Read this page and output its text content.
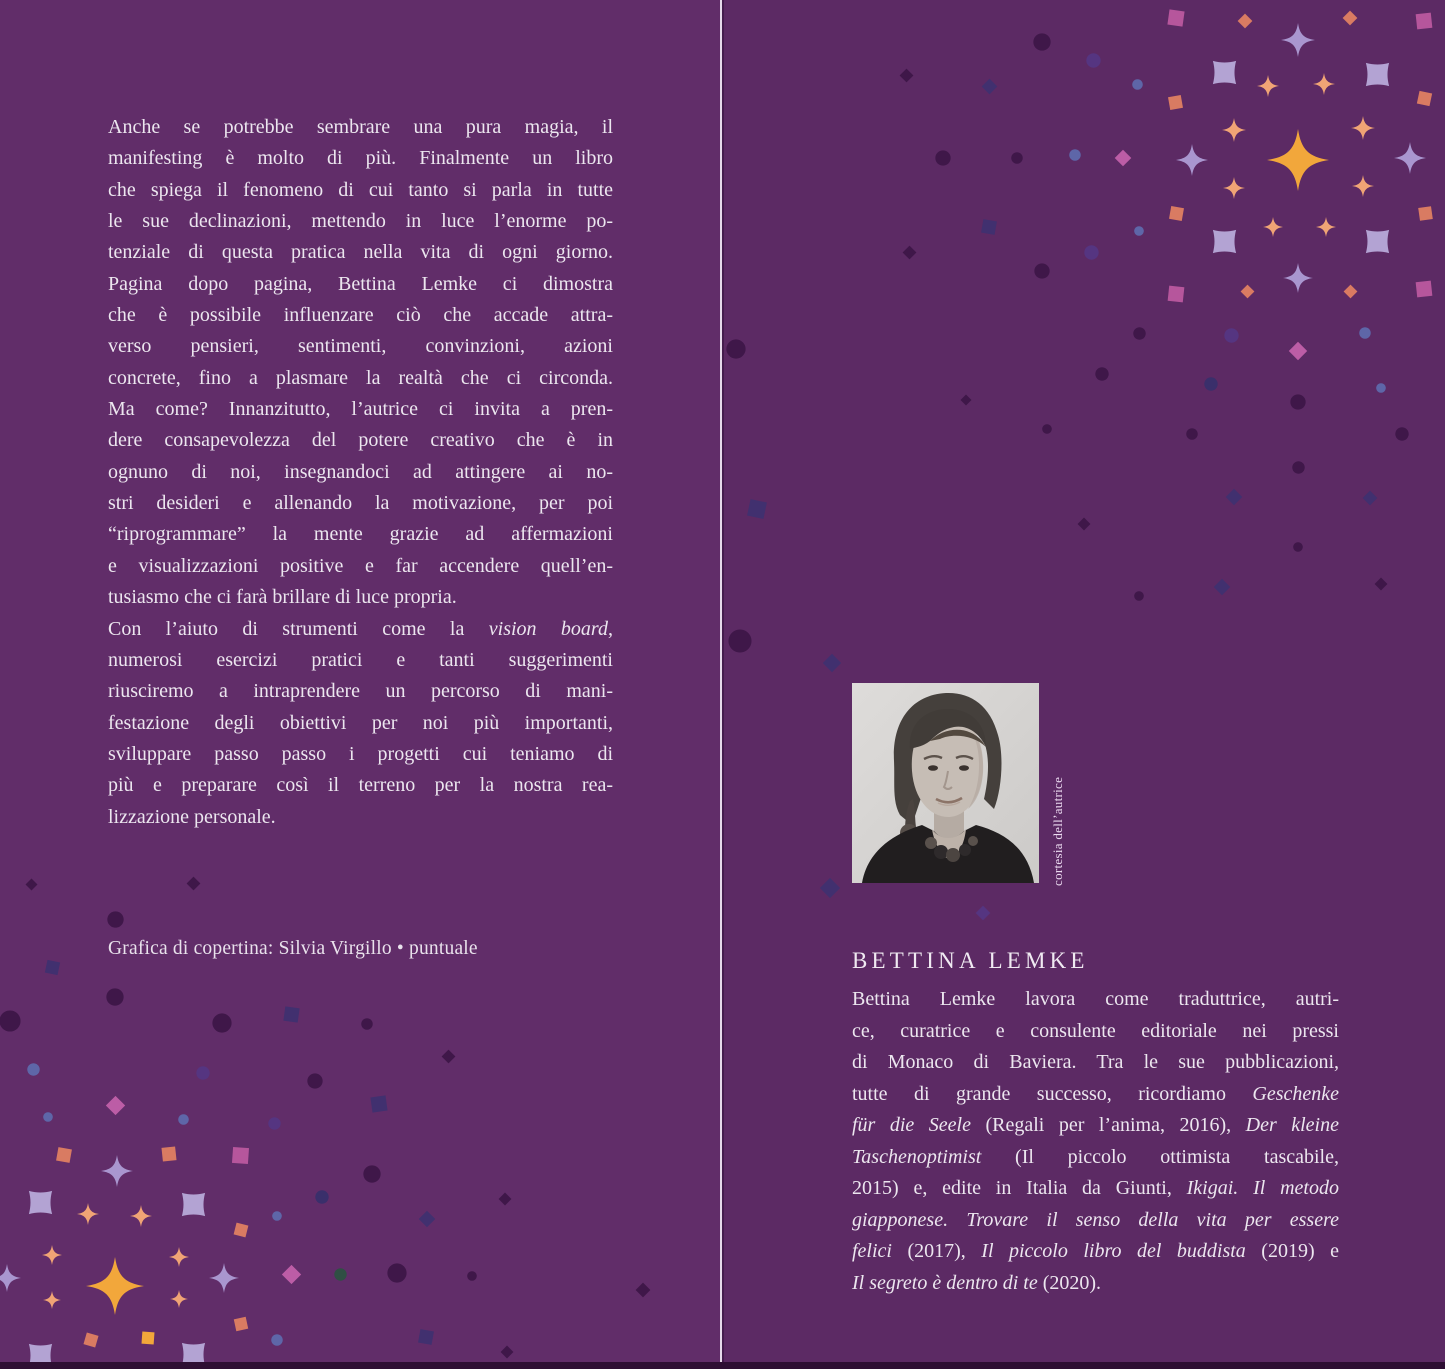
Anche se potrebbe sembrare una pura magia, il
manifesting è molto di più. Finalmente un libro
che spiega il fenomeno di cui tanto si parla in tutte
le sue declinazioni, mettendo in luce l’enorme po-
tenziale di questa pratica nella vita di ogni giorno.
Pagina dopo pagina, Bettina Lemke ci dimostra
che è possibile influenzare ciò che accade attra-
verso pensieri, sentimenti, convinzioni, azioni
concrete, fino a plasmare la realtà che ci circonda.
Ma come? Innanzitutto, l’autrice ci invita a pren-
dere consapevolezza del potere creativo che è in
ognuno di noi, insegnandoci ad attingere ai no-
stri desideri e allenando la motivazione, per poi
“riprogrammare” la mente grazie ad affermazioni
e visualizzazioni positive e far accendere quell’en-
tusiasmo che ci farà brillare di luce propria.
Con l’aiuto di strumenti come la vision board,
numerosi esercizi pratici e tanti suggerimenti
riusciremo a intraprendere un percorso di mani-
festazione degli obiettivi per noi più importanti,
sviluppare passo passo i progetti cui teniamo di
più e preparare così il terreno per la nostra rea-
lizzazione personale.
Grafica di copertina: Silvia Virgillo • puntuale
cortesia dell’autrice
BETTINA LEMKE
Bettina Lemke lavora come traduttrice, autri-
ce, curatrice e consulente editoriale nei pressi
di Monaco di Baviera. Tra le sue pubblicazioni,
tutte di grande successo, ricordiamo Geschenke
für die Seele (Regali per l’anima, 2016), Der kleine
Taschenoptimist (Il piccolo ottimista tascabile,
2015) e, edite in Italia da Giunti, Ikigai. Il metodo
giapponese. Trovare il senso della vita per essere
felici (2017), Il piccolo libro del buddista (2019) e
Il segreto è dentro di te (2020).
